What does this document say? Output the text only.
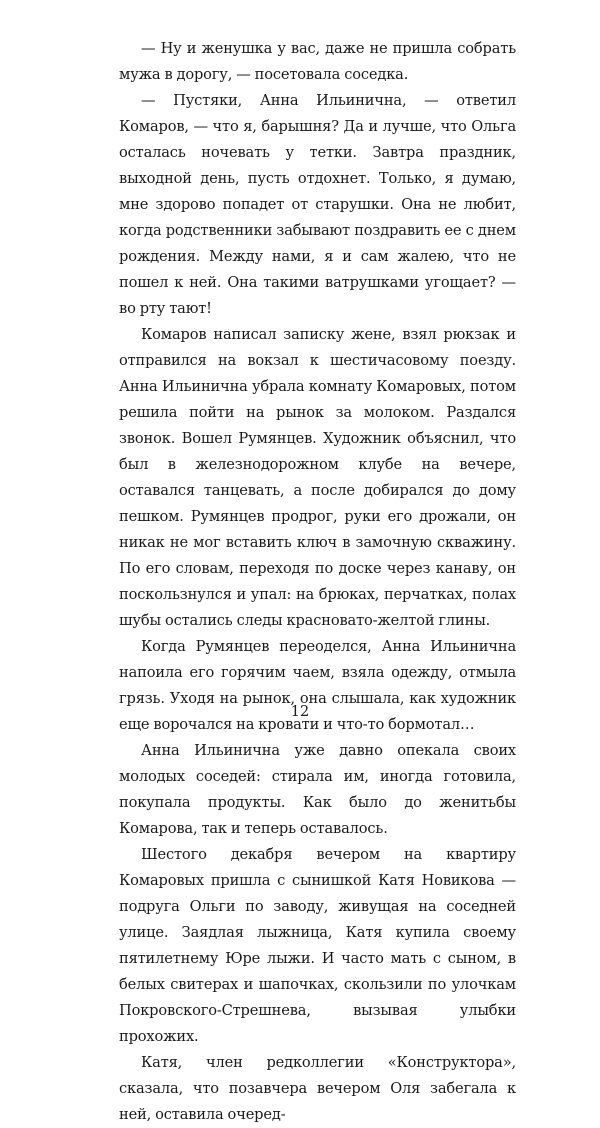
— Ну и женушка у вас, даже не пришла собрать мужа в дорогу, — посетовала соседка.

— Пустяки, Анна Ильинична, — ответил Комаров, — что я, барышня? Да и лучше, что Ольга осталась ночевать у тетки. Завтра праздник, выходной день, пусть отдохнет. Только, я думаю, мне здорово попадет от старушки. Она не любит, когда родственники забывают поздравить ее с днем рождения. Между нами, я и сам жалею, что не пошел к ней. Она такими ватрушками угощает? — во рту тают!

Комаров написал записку жене, взял рюкзак и отправился на вокзал к шестичасовому поезду. Анна Ильинична убрала комнату Комаровых, потом решила пойти на рынок за молоком. Раздался звонок. Вошел Румянцев. Художник объяснил, что был в железнодорожном клубе на вечере, оставался танцевать, а после добирался до дому пешком. Румянцев продрог, руки его дрожали, он никак не мог вставить ключ в замочную скважину. По его словам, переходя по доске через канаву, он поскользнулся и упал: на брюках, перчатках, полах шубы остались следы красновато-желтой глины.

Когда Румянцев переоделся, Анна Ильинична напоила его горячим чаем, взяла одежду, отмыла грязь. Уходя на рынок, она слышала, как художник еще ворочался на кровати и что-то бормотал…

Анна Ильинична уже давно опекала своих молодых соседей: стирала им, иногда готовила, покупала продукты. Как было до женитьбы Комарова, так и теперь оставалось.

Шестого декабря вечером на квартиру Комаровых пришла с сынишкой Катя Новикова — подруга Ольги по заводу, живущая на соседней улице. Заядлая лыжница, Катя купила своему пятилетнему Юре лыжи. И часто мать с сыном, в белых свитерах и шапочках, скользили по улочкам Покровского-Стрешнева, вызывая улыбки прохожих.

Катя, член редколлегии «Конструктора», сказала, что позавчера вечером Оля забегала к ней, оставила очеред-

12
